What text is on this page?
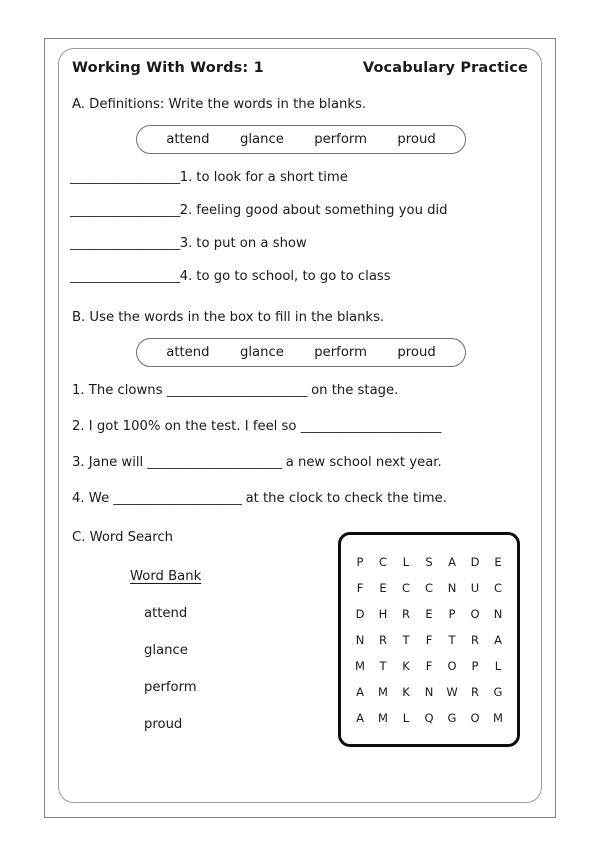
Working With Words: 1	Vocabulary Practice
A. Definitions: Write the words in the blanks.
attend glance perform proud
__________________ 1. to look for a short time
__________________ 2. feeling good about something you did
__________________ 3. to put on a show
__________________ 4. to go to school, to go to class
B. Use the words in the box to fill in the blanks.
attend glance perform proud
1. The clowns _______________________ on the stage.
2. I got 100% on the test. I feel so _______________________
3. Jane will ______________________ a new school next year.
4. We _____________________ at the clock to check the time.
C. Word Search
Word Bank
attend
glance
perform
proud
P	C	L	S	A	D	E
F	E	C	C	N	U	C
D	H	R	E	P	O	N
N	R	T	F	T	R	A
M	T	K	F	O	P	L
A	M	K	N	W	R	G
A	M	L	Q	G	O	M
